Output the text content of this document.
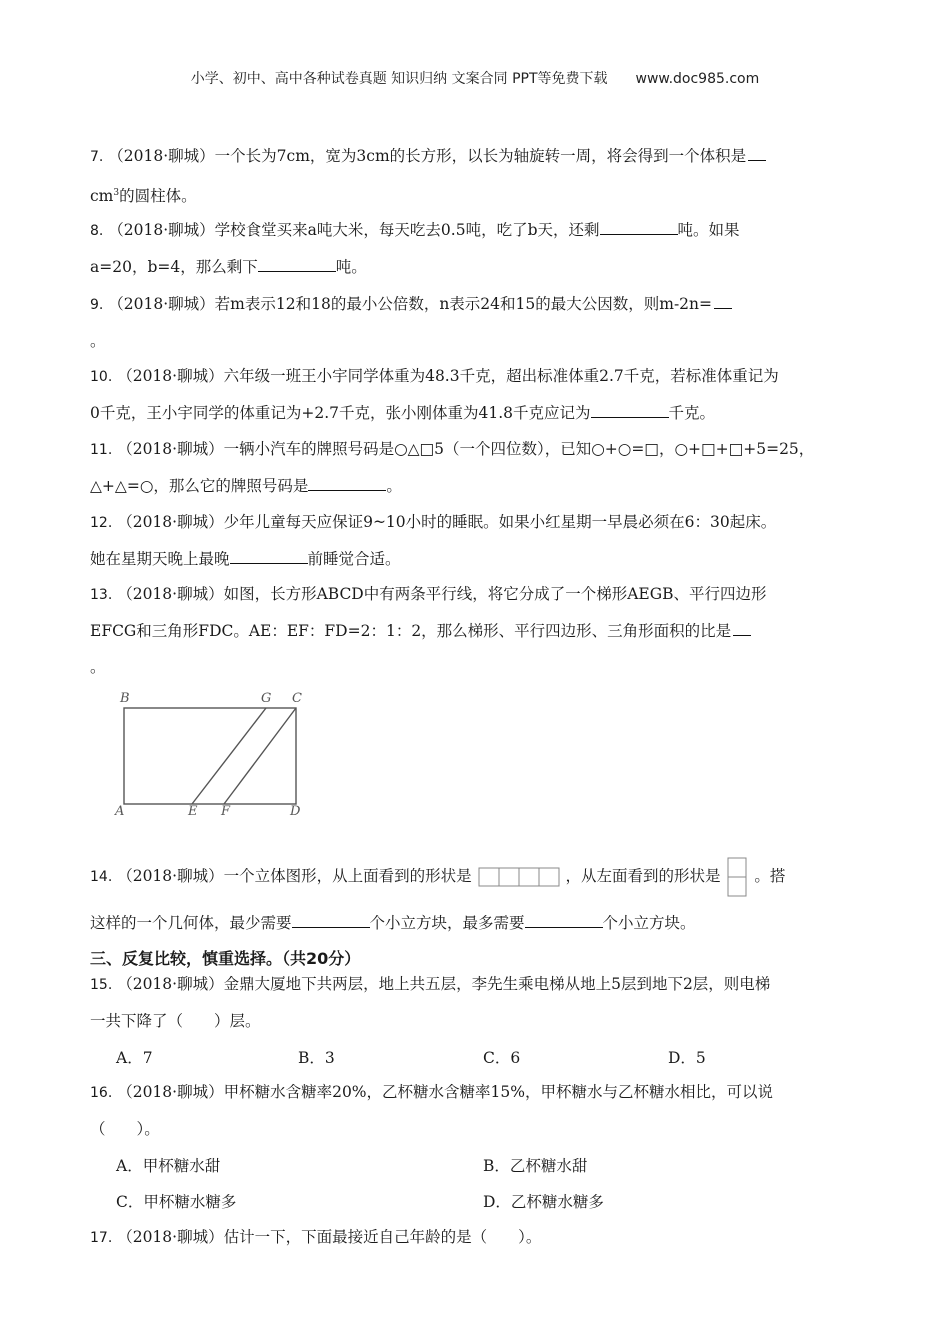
小学、初中、高中各种试卷真题 知识归纳 文案合同 PPT等免费下载 www.doc985.com
7. （2018·聊城）一个长为7cm，宽为3cm的长方形，以长为轴旋转一周，将会得到一个体积是
$cm^3$的圆柱体。
8. （2018·聊城）学校食堂买来a吨大米，每天吃去0.5吨，吃了b天，还剩	吨。如果
a=20，b=4，那么剩下	吨。
9. （2018·聊城）若m表示12和18的最小公倍数，n表示24和15的最大公因数，则m-2n=
。
10. （2018·聊城）六年级一班王小宇同学体重为48.3千克，超出标准体重2.7千克，若标准体重记为
0千克，王小宇同学的体重记为+2.7千克，张小刚体重为41.8千克应记为	千克。
11. （2018·聊城）一辆小汽车的牌照号码是○△□5（一个四位数），已知○+○=□，○+□+□+5=25，
△+△=○，那么它的牌照号码是	。
12. （2018·聊城）少年儿童每天应保证9~10小时的睡眠。如果小红星期一早晨必须在6：30起床。
她在星期天晚上最晚	前睡觉合适。
13. （2018·聊城）如图，长方形ABCD中有两条平行线，将它分成了一个梯形AEGB、平行四边形
EFCG和三角形FDC。AE：EF：FD=2：1：2，那么梯形、平行四边形、三角形面积的比是
。
B	G C
A	E F	D
14. （2018·聊城）一个立体图形，从上面看到的形状是	，从左面看到的形状是 。搭
这样的一个几何体，最少需要	个小立方块，最多需要	个小立方块。
三、反复比较，慎重选择。（共20分）
15. （2018·聊城）金鼎大厦地下共两层，地上共五层，李先生乘电梯从地上5层到地下2层，则电梯
一共下降了（　　）层。
A．7	B．3	C．6	D．5
16. （2018·聊城）甲杯糖水含糖率20%，乙杯糖水含糖率15%，甲杯糖水与乙杯糖水相比，可以说
（　　）。
A．甲杯糖水甜	B．乙杯糖水甜
C．甲杯糖水糖多	D．乙杯糖水糖多
17. （2018·聊城）估计一下，下面最接近自己年龄的是（　　）。
